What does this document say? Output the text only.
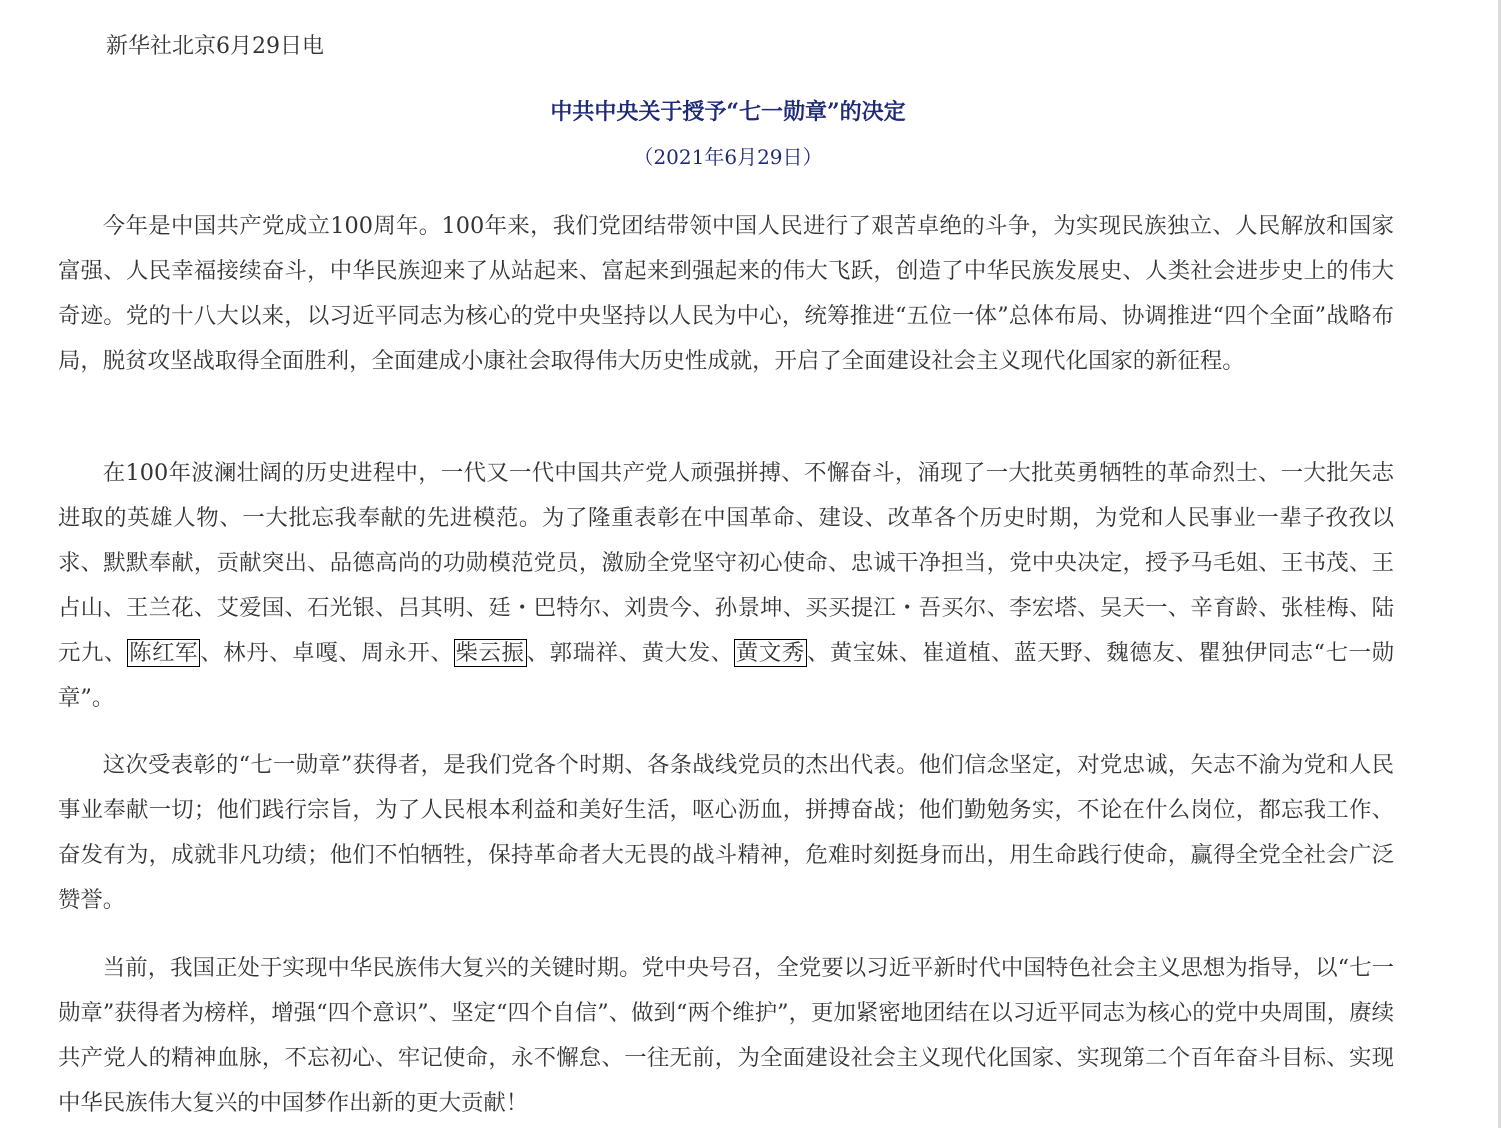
新华社北京6月29日电
中共中央关于授予“七一勋章”的决定
（2021年6月29日）

今年是中国共产党成立100周年。100年来，我们党团结带领中国人民进行了艰苦卓绝的斗争，为实现民族独立、人民解放和国家富强、人民幸福接续奋斗，中华民族迎来了从站起来、富起来到强起来的伟大飞跃，创造了中华民族发展史、人类社会进步史上的伟大奇迹。党的十八大以来，以习近平同志为核心的党中央坚持以人民为中心，统筹推进“五位一体”总体布局、协调推进“四个全面”战略布局，脱贫攻坚战取得全面胜利，全面建成小康社会取得伟大历史性成就，开启了全面建设社会主义现代化国家的新征程。

在100年波澜壮阔的历史进程中，一代又一代中国共产党人顽强拼搏、不懈奋斗，涌现了一大批英勇牺牲的革命烈士、一大批矢志进取的英雄人物、一大批忘我奉献的先进模范。为了隆重表彰在中国革命、建设、改革各个历史时期，为党和人民事业一辈子孜孜以求、默默奉献，贡献突出、品德高尚的功勋模范党员，激励全党坚守初心使命、忠诚干净担当，党中央决定，授予马毛姐、王书茂、王占山、王兰花、艾爱国、石光银、吕其明、廷・巴特尔、刘贵今、孙景坤、买买提江・吾买尔、李宏塔、吴天一、辛育龄、张桂梅、陆元九、陈红军、林丹、卓嘎、周永开、柴云振、郭瑞祥、黄大发、黄文秀、黄宝妹、崔道植、蓝天野、魏德友、瞿独伊同志“七一勋章”。

这次受表彰的“七一勋章”获得者，是我们党各个时期、各条战线党员的杰出代表。他们信念坚定，对党忠诚，矢志不渝为党和人民事业奉献一切；他们践行宗旨，为了人民根本利益和美好生活，呕心沥血，拼搏奋战；他们勤勉务实，不论在什么岗位，都忘我工作、奋发有为，成就非凡功绩；他们不怕牺牲，保持革命者大无畏的战斗精神，危难时刻挺身而出，用生命践行使命，赢得全党全社会广泛赞誉。

当前，我国正处于实现中华民族伟大复兴的关键时期。党中央号召，全党要以习近平新时代中国特色社会主义思想为指导，以“七一勋章”获得者为榜样，增强“四个意识”、坚定“四个自信”、做到“两个维护”，更加紧密地团结在以习近平同志为核心的党中央周围，赓续共产党人的精神血脉，不忘初心、牢记使命，永不懈怠、一往无前，为全面建设社会主义现代化国家、实现第二个百年奋斗目标、实现中华民族伟大复兴的中国梦作出新的更大贡献！
